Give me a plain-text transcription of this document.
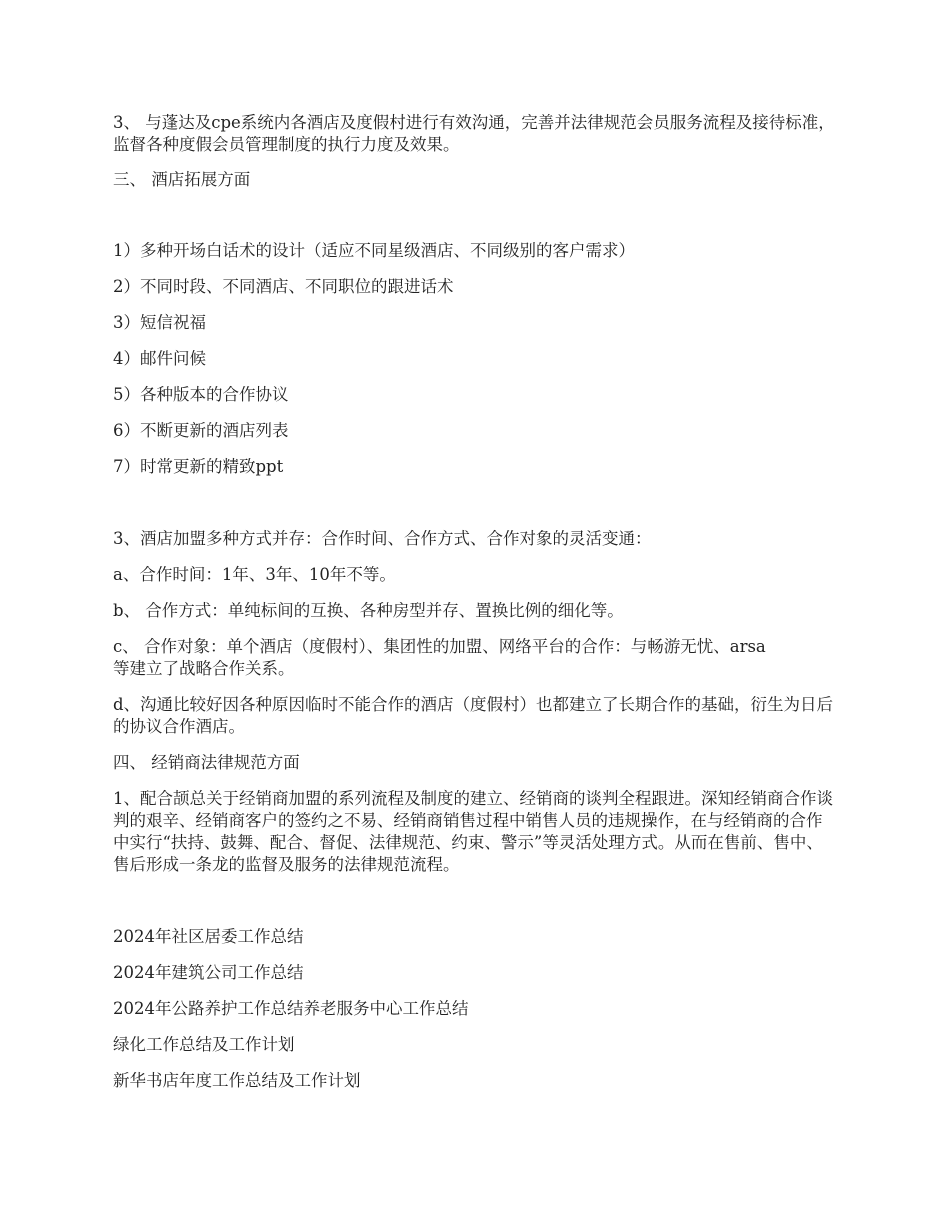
3、 与蓬达及cpe系统内各酒店及度假村进行有效沟通，完善并法律规范会员服务流程及接待标准，监督各种度假会员管理制度的执行力度及效果。

三、 酒店拓展方面

1）多种开场白话术的设计（适应不同星级酒店、不同级别的客户需求）

2）不同时段、不同酒店、不同职位的跟进话术

3）短信祝福

4）邮件问候

5）各种版本的合作协议

6）不断更新的酒店列表

7）时常更新的精致ppt

3、酒店加盟多种方式并存：合作时间、合作方式、合作对象的灵活变通：

a、合作时间：1年、3年、10年不等。

b、 合作方式：单纯标间的互换、各种房型并存、置换比例的细化等。

c、 合作对象：单个酒店（度假村）、集团性的加盟、网络平台的合作：与畅游无忧、arsa等建立了战略合作关系。

d、沟通比较好因各种原因临时不能合作的酒店（度假村）也都建立了长期合作的基础，衍生为日后的协议合作酒店。

四、 经销商法律规范方面

1、配合颉总关于经销商加盟的系列流程及制度的建立、经销商的谈判全程跟进。深知经销商合作谈判的艰辛、经销商客户的签约之不易、经销商销售过程中销售人员的违规操作，在与经销商的合作中实行“扶持、鼓舞、配合、督促、法律规范、约束、警示”等灵活处理方式。从而在售前、售中、售后形成一条龙的监督及服务的法律规范流程。

2024年社区居委工作总结

2024年建筑公司工作总结

2024年公路养护工作总结养老服务中心工作总结

绿化工作总结及工作计划

新华书店年度工作总结及工作计划
